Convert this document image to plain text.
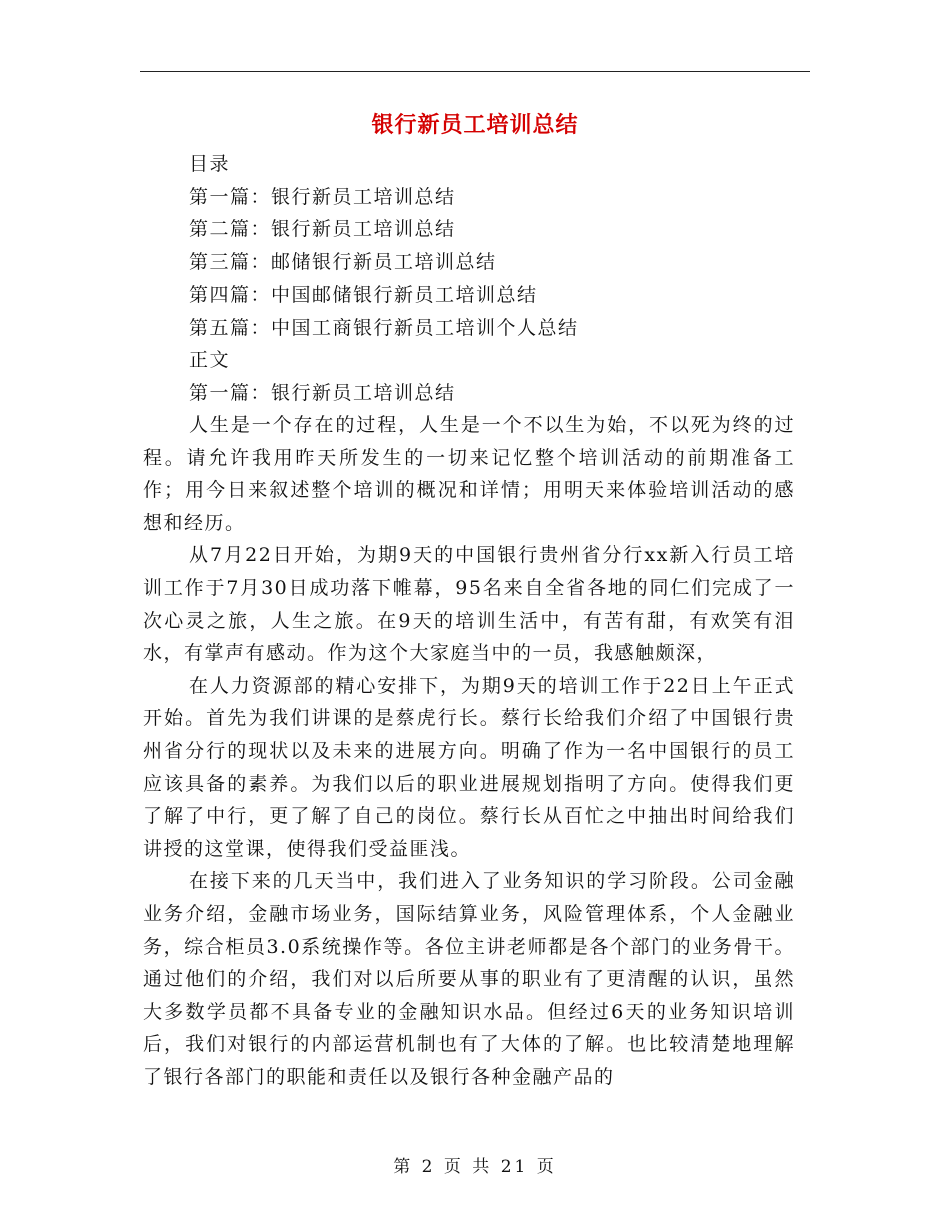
银行新员工培训总结
目录
第一篇：银行新员工培训总结
第二篇：银行新员工培训总结
第三篇：邮储银行新员工培训总结
第四篇：中国邮储银行新员工培训总结
第五篇：中国工商银行新员工培训个人总结
正文
第一篇：银行新员工培训总结

人生是一个存在的过程，人生是一个不以生为始，不以死为终的过程。请允许我用昨天所发生的一切来记忆整个培训活动的前期准备工作；用今日来叙述整个培训的概况和详情；用明天来体验培训活动的感想和经历。

从7月22日开始，为期9天的中国银行贵州省分行xx新入行员工培训工作于7月30日成功落下帷幕，95名来自全省各地的同仁们完成了一次心灵之旅，人生之旅。在9天的培训生活中，有苦有甜，有欢笑有泪水，有掌声有感动。作为这个大家庭当中的一员，我感触颇深，

在人力资源部的精心安排下，为期9天的培训工作于22日上午正式开始。首先为我们讲课的是蔡虎行长。蔡行长给我们介绍了中国银行贵州省分行的现状以及未来的进展方向。明确了作为一名中国银行的员工应该具备的素养。为我们以后的职业进展规划指明了方向。使得我们更了解了中行，更了解了自己的岗位。蔡行长从百忙之中抽出时间给我们讲授的这堂课，使得我们受益匪浅。

在接下来的几天当中，我们进入了业务知识的学习阶段。公司金融业务介绍，金融市场业务，国际结算业务，风险管理体系，个人金融业务，综合柜员3.0系统操作等。各位主讲老师都是各个部门的业务骨干。通过他们的介绍，我们对以后所要从事的职业有了更清醒的认识，虽然大多数学员都不具备专业的金融知识水品。但经过6天的业务知识培训后，我们对银行的内部运营机制也有了大体的了解。也比较清楚地理解了银行各部门的职能和责任以及银行各种金融产品的

第 2 页 共 21 页
